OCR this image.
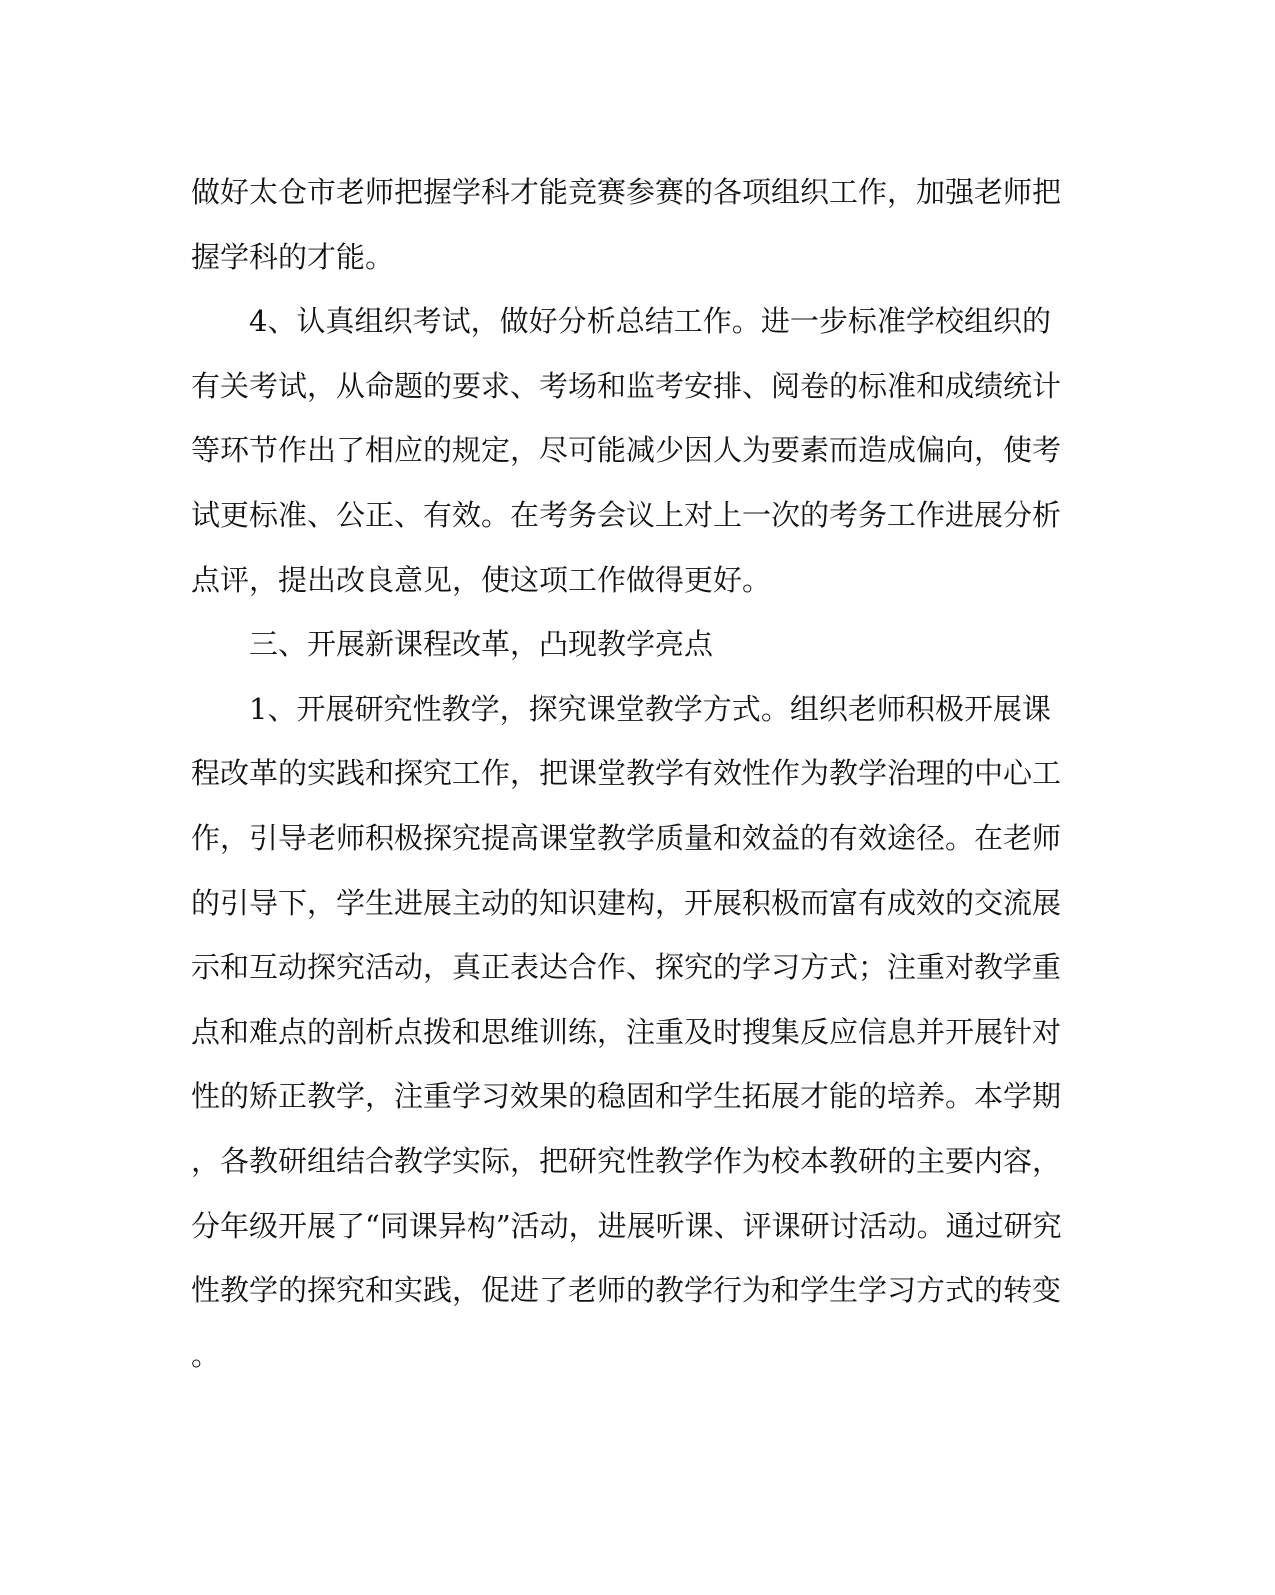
做好太仓市老师把握学科才能竞赛参赛的各项组织工作，加强老师把
握学科的才能。
4、认真组织考试，做好分析总结工作。进一步标准学校组织的
有关考试，从命题的要求、考场和监考安排、阅卷的标准和成绩统计
等环节作出了相应的规定，尽可能减少因人为要素而造成偏向，使考
试更标准、公正、有效。在考务会议上对上一次的考务工作进展分析
点评，提出改良意见，使这项工作做得更好。
三、开展新课程改革，凸现教学亮点
1、开展研究性教学，探究课堂教学方式。组织老师积极开展课
程改革的实践和探究工作，把课堂教学有效性作为教学治理的中心工
作，引导老师积极探究提高课堂教学质量和效益的有效途径。在老师
的引导下，学生进展主动的知识建构，开展积极而富有成效的交流展
示和互动探究活动，真正表达合作、探究的学习方式；注重对教学重
点和难点的剖析点拨和思维训练，注重及时搜集反应信息并开展针对
性的矫正教学，注重学习效果的稳固和学生拓展才能的培养。本学期
，各教研组结合教学实际，把研究性教学作为校本教研的主要内容，
分年级开展了“同课异构”活动，进展听课、评课研讨活动。通过研究
性教学的探究和实践，促进了老师的教学行为和学生学习方式的转变
。
